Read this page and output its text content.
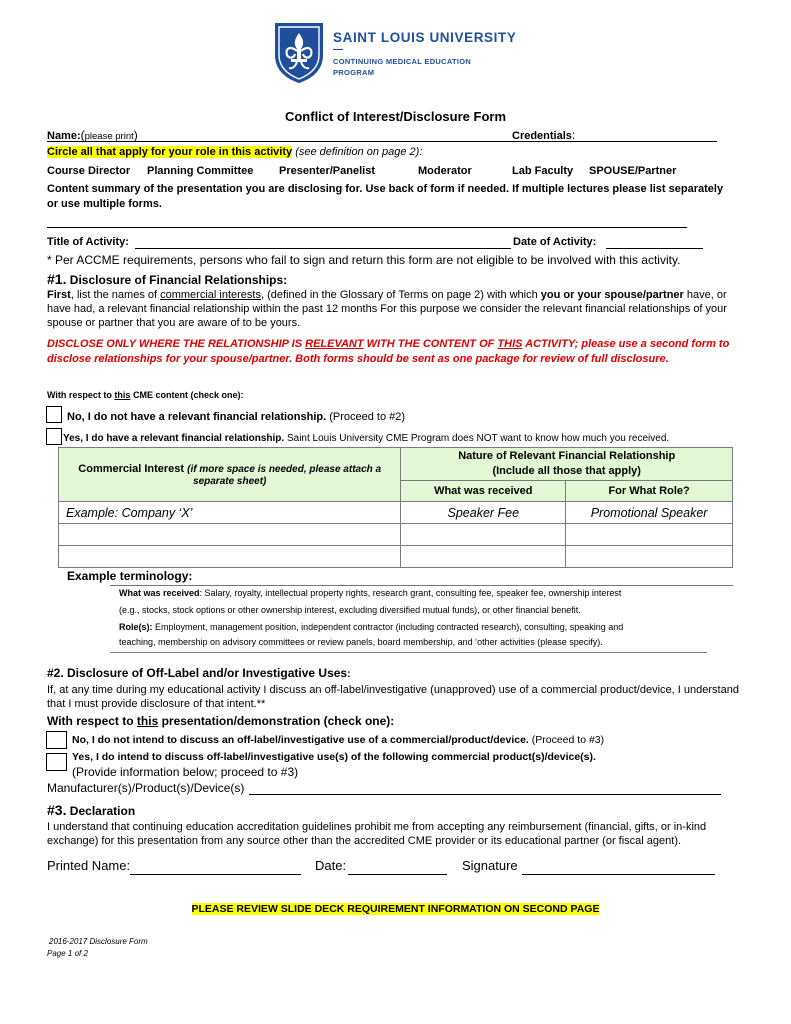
SAINT LOUIS UNIVERSITY
—
CONTINUING MEDICAL EDUCATION
PROGRAM
Conflict of Interest/Disclosure Form
Name:(please print)	Credentials:
Circle all that apply for your role in this activity (see definition on page 2):
Course Director Planning Committee Presenter/Panelist	Moderator	Lab Faculty SPOUSE/Partner
Content summary of the presentation you are disclosing for. Use back of form if needed. If multiple lectures please list separately or use multiple forms.
Title of Activity:	Date of Activity:
* Per ACCME requirements, persons who fail to sign and return this form are not eligible to be involved with this activity.
#1. Disclosure of Financial Relationships:
First, list the names of commercial interests, (defined in the Glossary of Terms on page 2) with which you or your spouse/partner have, or have had, a relevant financial relationship within the past 12 months For this purpose we consider the relevant financial relationships of your spouse or partner that you are aware of to be yours.
DISCLOSE ONLY WHERE THE RELATIONSHIP IS RELEVANT WITH THE CONTENT OF THIS ACTIVITY; please use a second form to disclose relationships for your spouse/partner. Both forms should be sent as one package for review of full disclosure.
With respect to this CME content (check one):
No, I do not have a relevant financial relationship. (Proceed to #2)
Yes, I do have a relevant financial relationship. Saint Louis University CME Program does NOT want to know how much you received.
Commercial Interest (if more space is needed, please attach a separate sheet)	Nature of Relevant Financial Relationship
(Include all those that apply)	

	What was received	For What Role?
Example: Company ‘X’	Speaker Fee	Promotional Speaker

Example terminology:
What was received: Salary, royalty, intellectual property rights, research grant, consulting fee, speaker fee, ownership interest
(e.g., stocks, stock options or other ownership interest, excluding diversified mutual funds), or other financial benefit.
Role(s): Employment, management position, independent contractor (including contracted research), consulting, speaking and
teaching, membership on advisory committees or review panels, board membership, and ‘other activities (please specify).
#2. Disclosure of Off-Label and/or Investigative Uses:
If, at any time during my educational activity I discuss an off-label/investigative (unapproved) use of a commercial product/device, I understand that I must provide disclosure of that intent.**
With respect to this presentation/demonstration (check one):
No, I do not intend to discuss an off-label/investigative use of a commercial/product/device. (Proceed to #3)
Yes, I do intend to discuss off-label/investigative use(s) of the following commercial product(s)/device(s).
(Provide information below; proceed to #3)
Manufacturer(s)/Product(s)/Device(s)
#3. Declaration
I understand that continuing education accreditation guidelines prohibit me from accepting any reimbursement (financial, gifts, or in-kind exchange) for this presentation from any source other than the accredited CME provider or its educational partner (or fiscal agent).
Printed Name:	Date:	Signature
PLEASE REVIEW SLIDE DECK REQUIREMENT INFORMATION ON SECOND PAGE
2016-2017 Disclosure Form
Page 1 of 2
